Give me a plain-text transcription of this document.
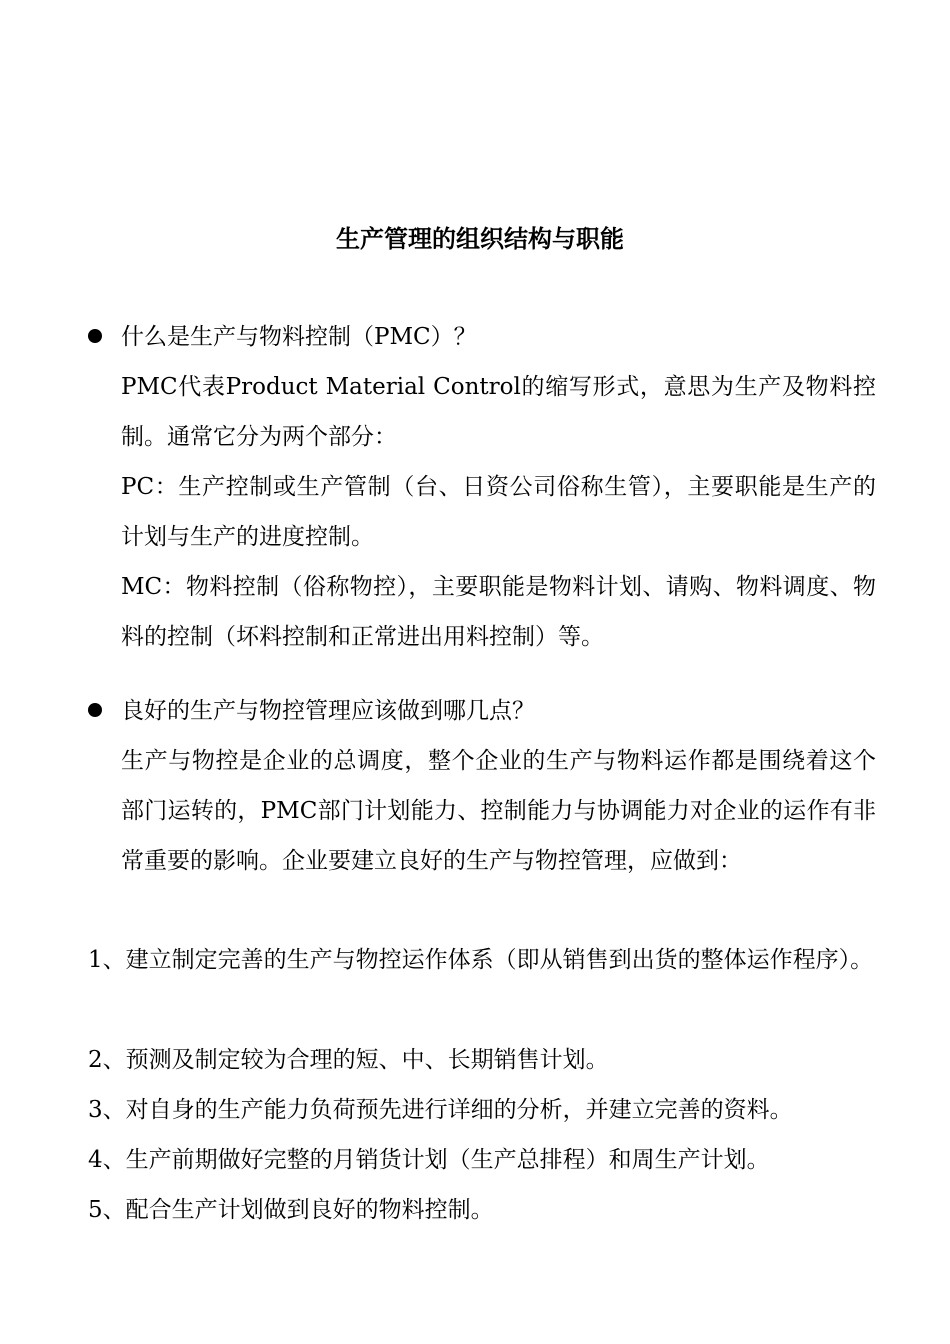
生产管理的组织结构与职能
什么是生产与物料控制（PMC）？

PMC代表Product Material Control的缩写形式，意思为生产及物料控制。通常它分为两个部分：

PC：生产控制或生产管制（台、日资公司俗称生管），主要职能是生产的计划与生产的进度控制。

MC：物料控制（俗称物控），主要职能是物料计划、请购、物料调度、物料的控制（坏料控制和正常进出用料控制）等。

良好的生产与物控管理应该做到哪几点？

生产与物控是企业的总调度，整个企业的生产与物料运作都是围绕着这个部门运转的，PMC部门计划能力、控制能力与协调能力对企业的运作有非常重要的影响。企业要建立良好的生产与物控管理，应做到：

1、建立制定完善的生产与物控运作体系（即从销售到出货的整体运作程序）。

2、预测及制定较为合理的短、中、长期销售计划。

3、对自身的生产能力负荷预先进行详细的分析，并建立完善的资料。

4、生产前期做好完整的月销货计划（生产总排程）和周生产计划。

5、配合生产计划做到良好的物料控制。
